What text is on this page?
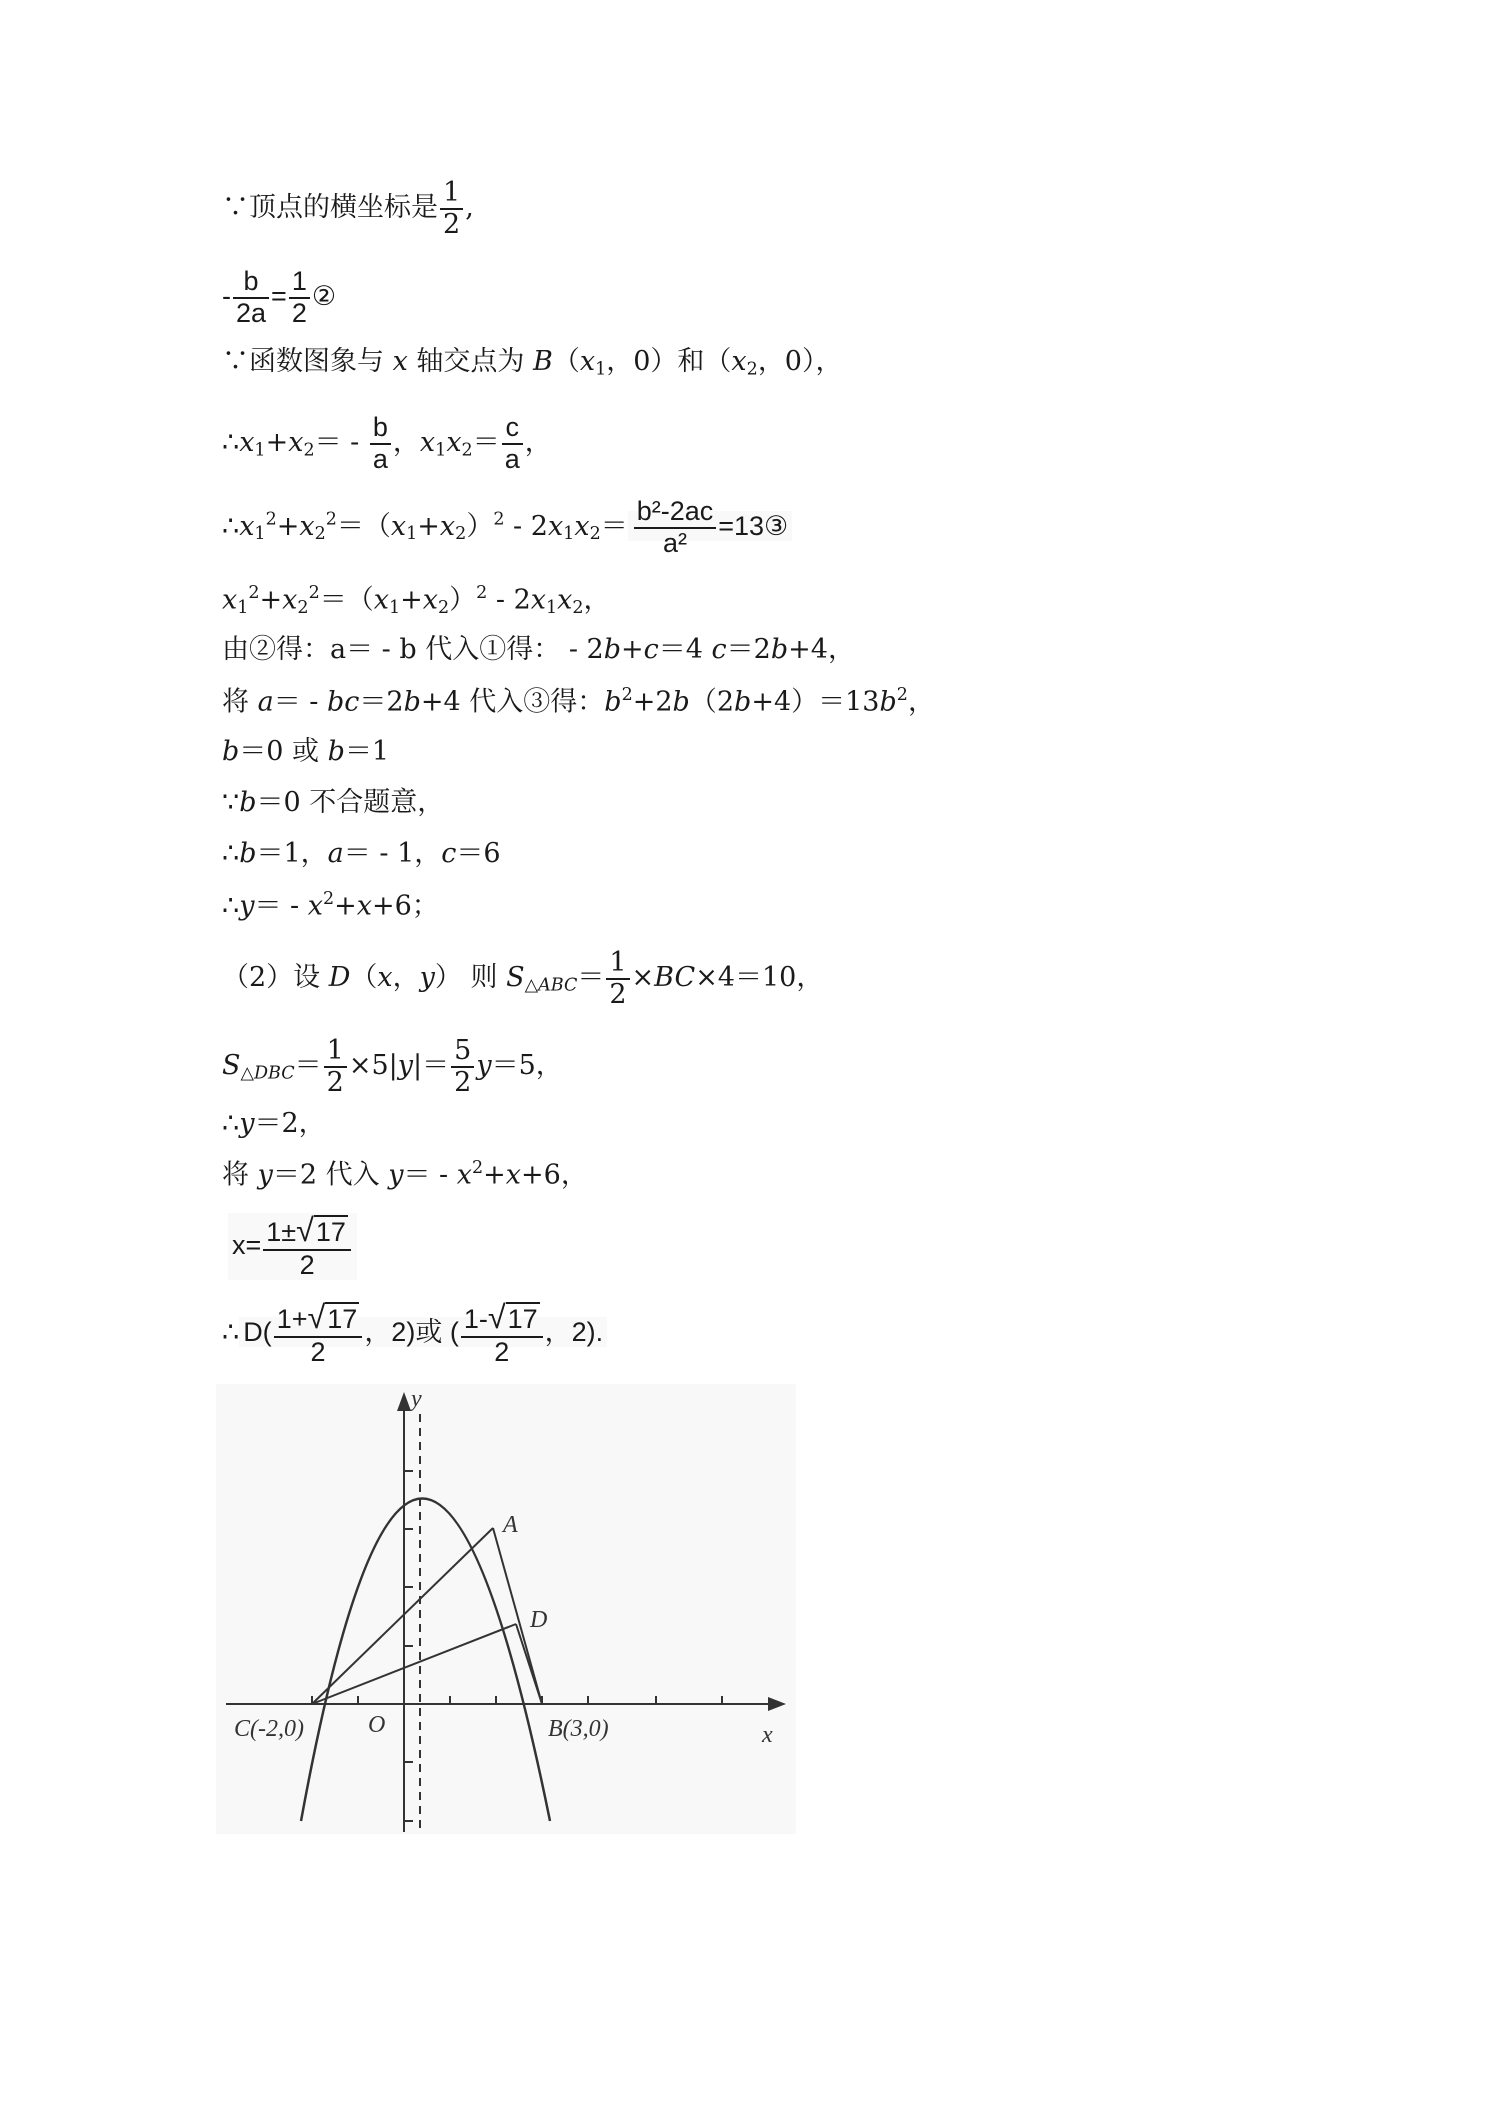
∵顶点的横坐标是 $\frac{1}{2}$ ,
- $\frac{b}{2a} = \frac{1}{2}$ ②
∵函数图象与 x 轴交点为 $B(x_1$，0）和（$x_2$，0），
$\therefore x_1+x_2= - \frac{b}{a}$ ，$x_1x_2= \frac{c}{a}$ ，
$\therefore x_1^2+x_2^2=(x_1+x_2)^2 - 2x_1x_2= \frac{\text{b²-2ac}}{\text{a²}}$ =13③
$x_1^2+x_2^2=(x_1+x_2)^2 - 2x_1x_2$，
由②得：a＝ - b 代入①得： - 2b+c＝4 c＝2b+4，
将 a＝ - bc＝2b+4 代入③得：$b^2+2b(2b+4)=13b^2$，
b＝0 或 b＝1
∵b＝0 不合题意，
∴b＝1，a＝ - 1，c＝6
∴y＝ - $x^2+x+6$；
（2）设 D（x，y） 则 $S_{\triangle ABC}= \frac{1}{2} \times BC\times 4=10$，
$S_{\triangle DBC}= \frac{1}{2} \times 5|y|= \frac{5}{2} y=5$，
∴y＝2，
将 y＝2 代入 $y= - x^2+x+6$，
$x= \frac{1\pm√17}{2}$
∴ $D( \frac{1+√17}{2}$ ，2)或 ( $\frac{1-√17}{2}$ ，2).
y
x
A
D
O
C(-2,0)	B(3,0)
